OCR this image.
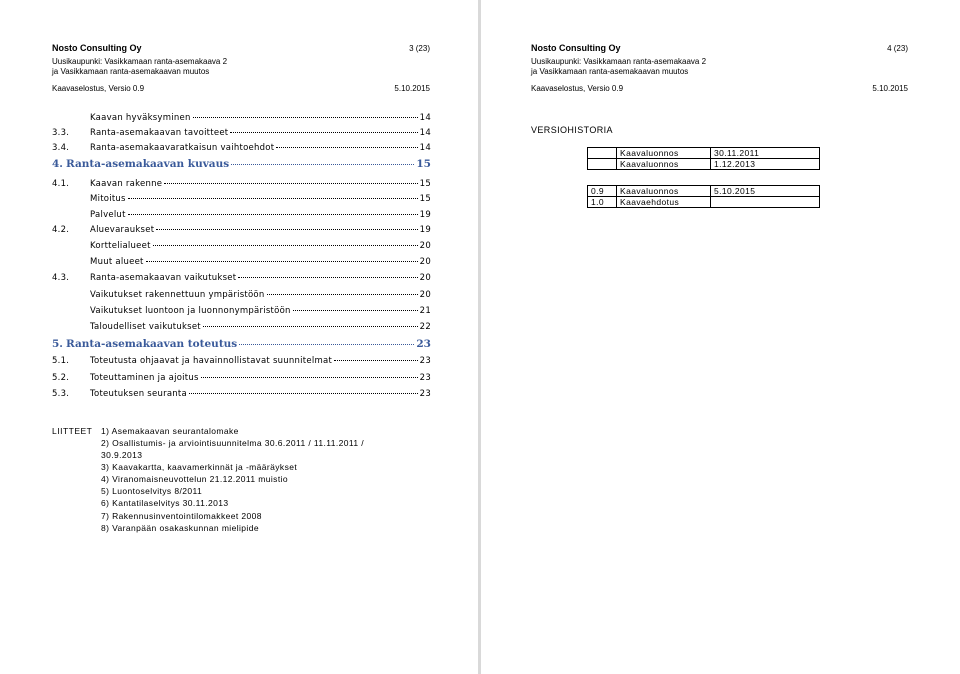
Nosto Consulting Oy	3 (23)
Uusikaupunki: Vasikkamaan ranta-asemakaava 2
ja Vasikkamaan ranta-asemakaavan muutos
Kaavaselostus, Versio 0.9	5.10.2015
Kaavan hyväksyminen	14
3.3. Ranta-asemakaavan tavoitteet	14
3.4. Ranta-asemakaavaratkaisun vaihtoehdot	14
4. Ranta-asemakaavan kuvaus	15
4.1. Kaavan rakenne	15
Mitoitus	15
Palvelut	19
4.2. Aluevaraukset	19
Korttelialueet	20
Muut alueet	20
4.3. Ranta-asemakaavan vaikutukset	20
Vaikutukset rakennettuun ympäristöön	20
Vaikutukset luontoon ja luonnonympäristöön	21
Taloudelliset vaikutukset	22
5. Ranta-asemakaavan toteutus	23
5.1. Toteutusta ohjaavat ja havainnollistavat suunnitelmat	23
5.2. Toteuttaminen ja ajoitus	23
5.3. Toteutuksen seuranta	23
LIITTEET 1) Asemakaavan seurantalomake
2) Osallistumis- ja arviointisuunnitelma 30.6.2011 / 11.11.2011 /
30.9.2013
3) Kaavakartta, kaavamerkinnät ja -määräykset
4) Viranomaisneuvottelun 21.12.2011 muistio
5) Luontoselvitys 8/2011
6) Kantatilaselvitys 30.11.2013
7) Rakennusinventointilomakkeet 2008
8) Varanpään osakaskunnan mielipide
Nosto Consulting Oy	4 (23)
Uusikaupunki: Vasikkamaan ranta-asemakaava 2
ja Vasikkamaan ranta-asemakaavan muutos
Kaavaselostus, Versio 0.9	5.10.2015
VERSIOHISTORIA
	Kaavaluonnos	30.11.2011
	Kaavaluonnos	1.12.2013

0.9	Kaavaluonnos	5.10.2015
1.0	Kaavaehdotus	
